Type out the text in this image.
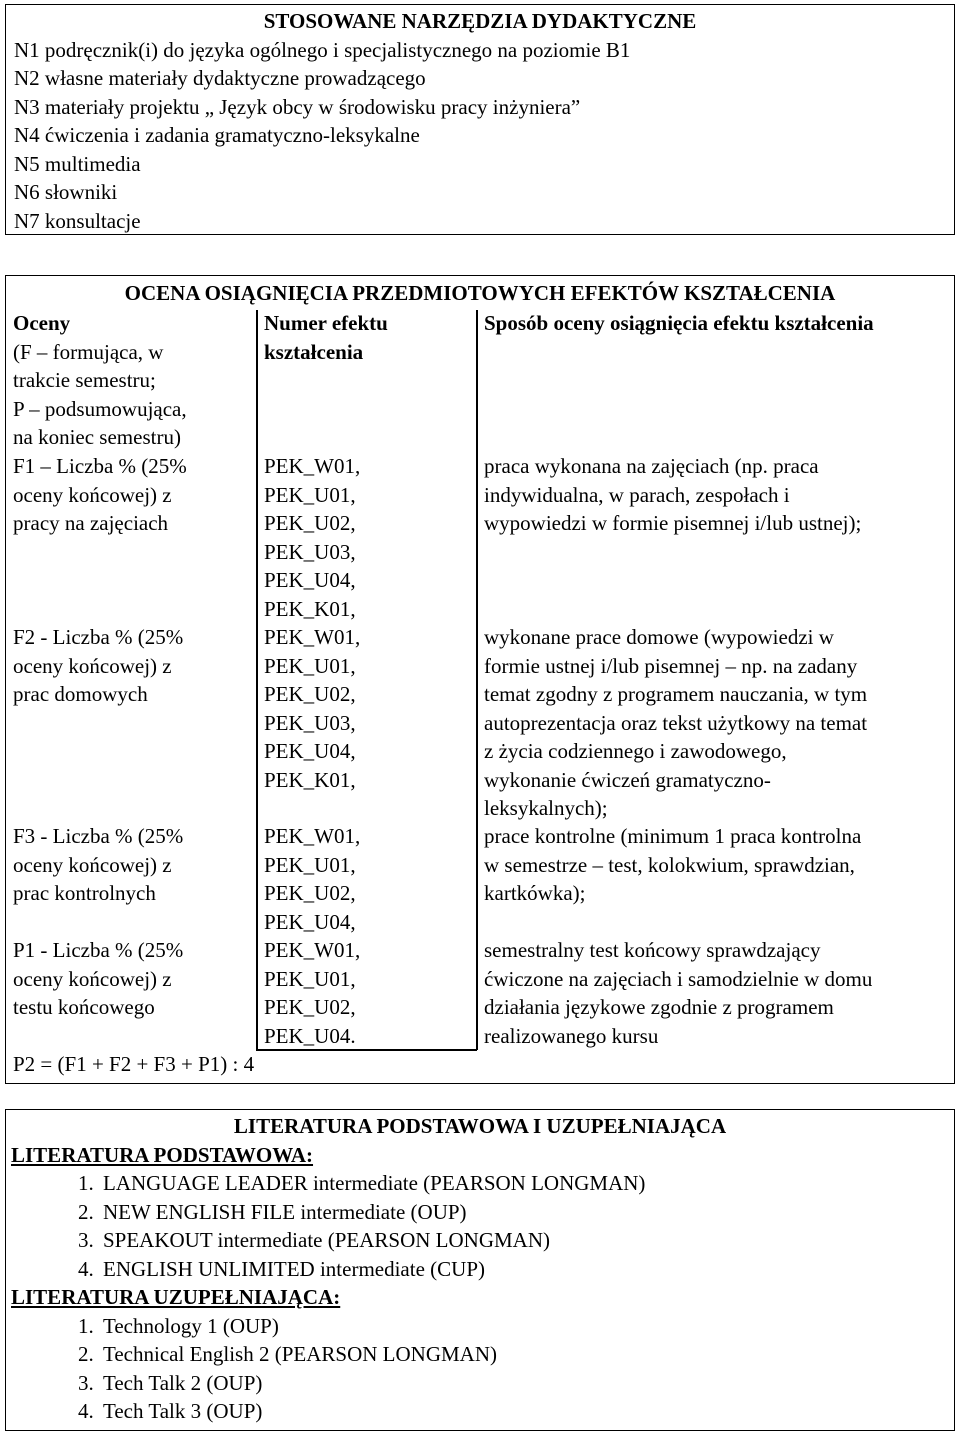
STOSOWANE NARZĘDZIA DYDAKTYCZNE
N1 podręcznik(i) do języka ogólnego i specjalistycznego na poziomie B1
N2 własne materiały dydaktyczne prowadzącego
N3 materiały projektu „ Język obcy w środowisku pracy inżyniera”
N4 ćwiczenia i zadania gramatyczno-leksykalne
N5 multimedia
N6 słowniki
N7 konsultacje
OCENA OSIĄGNIĘCIA PRZEDMIOTOWYCH EFEKTÓW KSZTAŁCENIA
Oceny
(F – formująca, w
trakcie semestru;
P – podsumowująca,
na koniec semestru)
Numer efektu
kształcenia
Sposób oceny osiągnięcia efektu kształcenia
F1 – Liczba % (25%
oceny końcowej) z
pracy na zajęciach
PEK_W01,
PEK_U01,
PEK_U02,
PEK_U03,
PEK_U04,
PEK_K01,
praca wykonana na zajęciach (np. praca
indywidualna, w parach, zespołach i
wypowiedzi w formie pisemnej i/lub ustnej);
F2 - Liczba % (25%
oceny końcowej) z
prac domowych
PEK_W01,
PEK_U01,
PEK_U02,
PEK_U03,
PEK_U04,
PEK_K01,
wykonane prace domowe (wypowiedzi w
formie ustnej i/lub pisemnej – np. na zadany
temat zgodny z programem nauczania, w tym
autoprezentacja oraz tekst użytkowy na temat
z życia codziennego i zawodowego,
wykonanie ćwiczeń gramatyczno-
leksykalnych);
F3 - Liczba % (25%
oceny końcowej) z
prac kontrolnych
PEK_W01,
PEK_U01,
PEK_U02,
PEK_U04,
prace kontrolne (minimum 1 praca kontrolna
w semestrze – test, kolokwium, sprawdzian,
kartkówka);
P1 - Liczba % (25%
oceny końcowej) z
testu końcowego
PEK_W01,
PEK_U01,
PEK_U02,
PEK_U04.
semestralny test końcowy sprawdzający
ćwiczone na zajęciach i samodzielnie w domu
działania językowe zgodnie z programem
realizowanego kursu
P2 = (F1 + F2 + F3 + P1) : 4
LITERATURA PODSTAWOWA I UZUPEŁNIAJĄCA
LITERATURA PODSTAWOWA:
1. LANGUAGE LEADER intermediate (PEARSON LONGMAN)
2. NEW ENGLISH FILE intermediate (OUP)
3. SPEAKOUT intermediate (PEARSON LONGMAN)
4. ENGLISH UNLIMITED intermediate (CUP)
LITERATURA UZUPEŁNIAJĄCA:
1. Technology 1 (OUP)
2. Technical English 2 (PEARSON LONGMAN)
3. Tech Talk 2 (OUP)
4. Tech Talk 3 (OUP)
